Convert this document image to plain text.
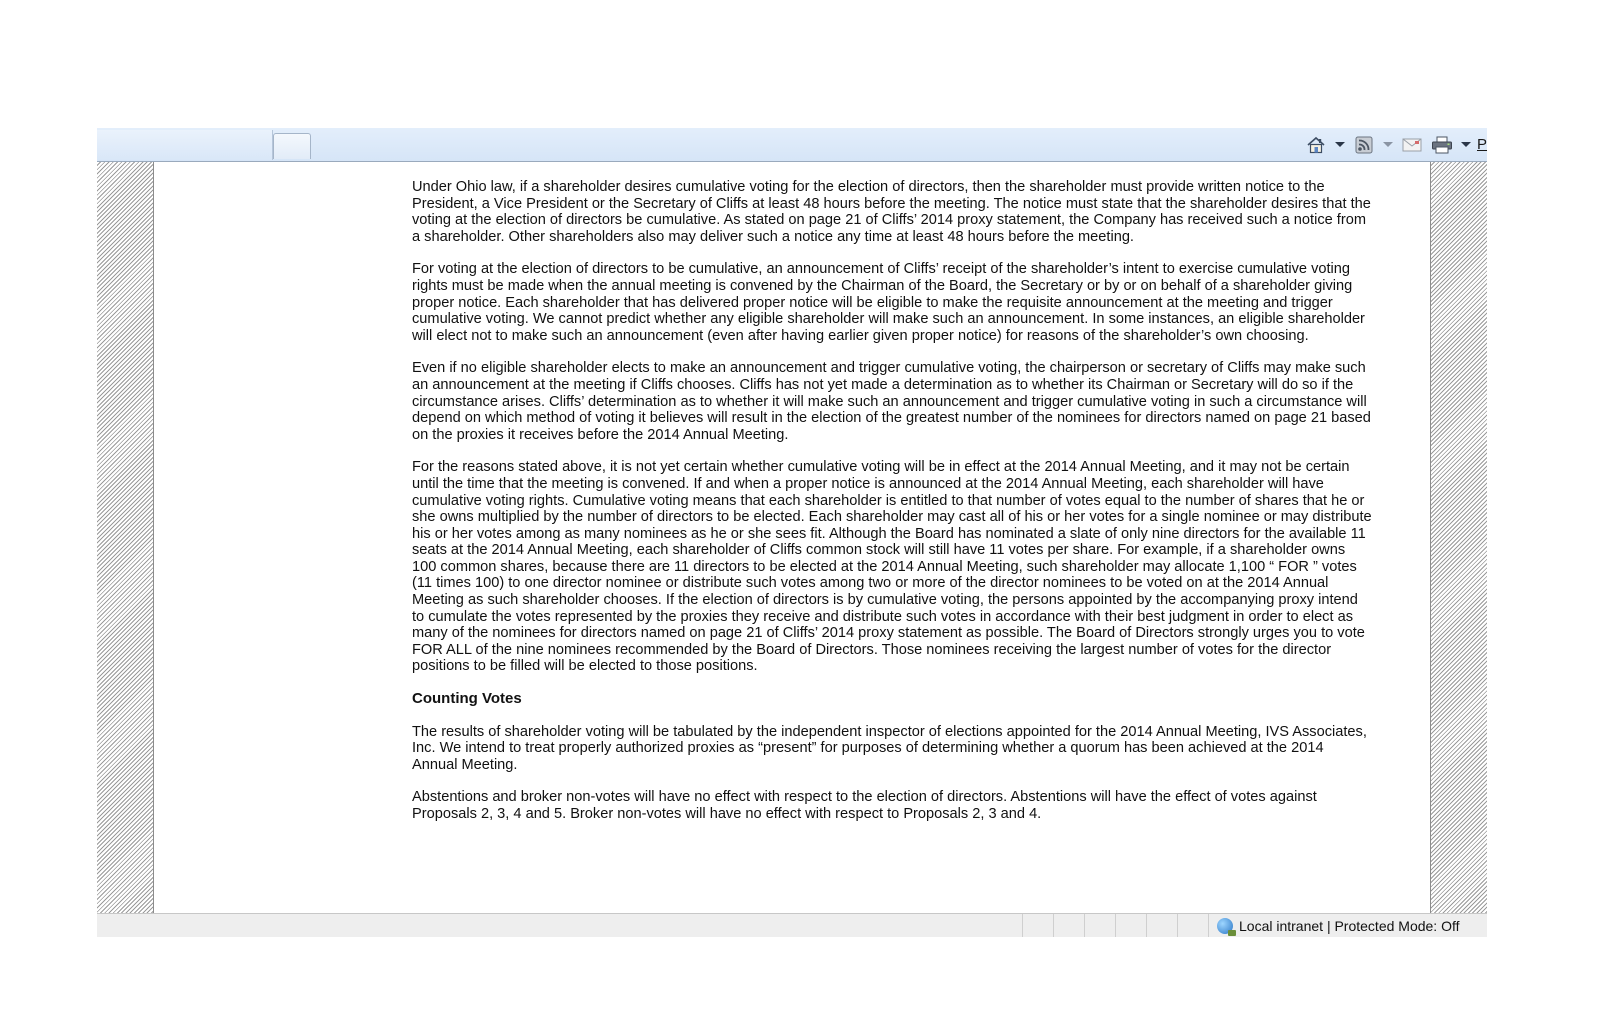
P

Under Ohio law, if a shareholder desires cumulative voting for the election of directors, then the shareholder must provide written notice to the President, a Vice President or the Secretary of Cliffs at least 48 hours before the meeting. The notice must state that the shareholder desires that the voting at the election of directors be cumulative. As stated on page 21 of Cliffs’ 2014 proxy statement, the Company has received such a notice from a shareholder. Other shareholders also may deliver such a notice any time at least 48 hours before the meeting.

For voting at the election of directors to be cumulative, an announcement of Cliffs’ receipt of the shareholder’s intent to exercise cumulative voting rights must be made when the annual meeting is convened by the Chairman of the Board, the Secretary or by or on behalf of a shareholder giving proper notice. Each shareholder that has delivered proper notice will be eligible to make the requisite announcement at the meeting and trigger cumulative voting. We cannot predict whether any eligible shareholder will make such an announcement. In some instances, an eligible shareholder will elect not to make such an announcement (even after having earlier given proper notice) for reasons of the shareholder’s own choosing.

Even if no eligible shareholder elects to make an announcement and trigger cumulative voting, the chairperson or secretary of Cliffs may make such an announcement at the meeting if Cliffs chooses. Cliffs has not yet made a determination as to whether its Chairman or Secretary will do so if the circumstance arises. Cliffs’ determination as to whether it will make such an announcement and trigger cumulative voting in such a circumstance will depend on which method of voting it believes will result in the election of the greatest number of the nominees for directors named on page 21 based on the proxies it receives before the 2014 Annual Meeting.

For the reasons stated above, it is not yet certain whether cumulative voting will be in effect at the 2014 Annual Meeting, and it may not be certain until the time that the meeting is convened. If and when a proper notice is announced at the 2014 Annual Meeting, each shareholder will have cumulative voting rights. Cumulative voting means that each shareholder is entitled to that number of votes equal to the number of shares that he or she owns multiplied by the number of directors to be elected. Each shareholder may cast all of his or her votes for a single nominee or may distribute his or her votes among as many nominees as he or she sees fit. Although the Board has nominated a slate of only nine directors for the available 11 seats at the 2014 Annual Meeting, each shareholder of Cliffs common stock will still have 11 votes per share. For example, if a shareholder owns 100 common shares, because there are 11 directors to be elected at the 2014 Annual Meeting, such shareholder may allocate 1,100 “ FOR ” votes (11 times 100) to one director nominee or distribute such votes among two or more of the director nominees to be voted on at the 2014 Annual Meeting as such shareholder chooses. If the election of directors is by cumulative voting, the persons appointed by the accompanying proxy intend to cumulate the votes represented by the proxies they receive and distribute such votes in accordance with their best judgment in order to elect as many of the nominees for directors named on page 21 of Cliffs’ 2014 proxy statement as possible. The Board of Directors strongly urges you to vote FOR ALL of the nine nominees recommended by the Board of Directors. Those nominees receiving the largest number of votes for the director positions to be filled will be elected to those positions.

Counting Votes

The results of shareholder voting will be tabulated by the independent inspector of elections appointed for the 2014 Annual Meeting, IVS Associates, Inc. We intend to treat properly authorized proxies as “present” for purposes of determining whether a quorum has been achieved at the 2014 Annual Meeting.

Abstentions and broker non-votes will have no effect with respect to the election of directors. Abstentions will have the effect of votes against Proposals 2, 3, 4 and 5. Broker non-votes will have no effect with respect to Proposals 2, 3 and 4.

Local intranet | Protected Mode: Off
